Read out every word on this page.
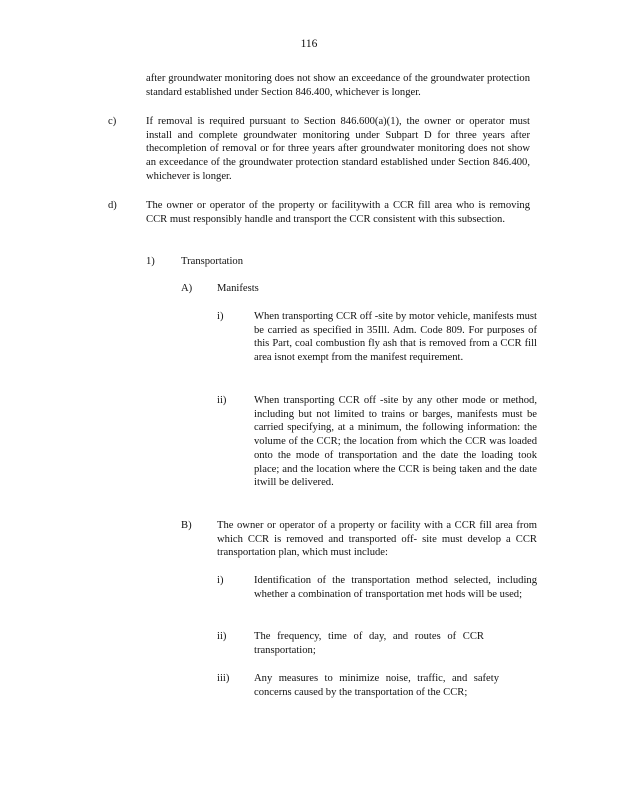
116
after groundwater monitoring does not show an exceedance of the groundwater protection standard established under Section 846.400, whichever is longer.
c)	If removal is required pursuant to Section 846.600(a)(1), the owner or operator must install and complete groundwater monitoring under Subpart D for three years after thecompletion of removal or for three years after groundwater monitoring does not show an exceedance of the groundwater protection standard established under Section 846.400, whichever is longer.
d)	The owner or operator of the property or facilitywith a CCR fill area who is removing CCR must responsibly handle and transport the CCR consistent with this subsection.
1) Transportation
A) Manifests
i)	When transporting CCR off -site by motor vehicle, manifests must be carried as specified in 35Ill. Adm. Code 809. For purposes of this Part, coal combustion fly ash that is removed from a CCR fill area isnot exempt from the manifest requirement.
ii)	When transporting CCR off -site by any other mode or method, including but not limited to trains or barges, manifests must be carried specifying, at a minimum, the following information: the volume of the CCR; the location from which the CCR was loaded onto the mode of transportation and the date the loading took place; and the location where the CCR is being taken and the date itwill be delivered.
B) The owner or operator of a property or facility with a CCR fill area from which CCR is removed and transported off- site must develop a CCR transportation plan, which must include:
i)	Identification of the transportation method selected, including whether a combination of transportation met hods will be used;
ii)	The frequency, time of day, and routes of CCR transportation;
iii) Any measures to minimize noise, traffic, and safety concerns caused by the transportation of the CCR;
